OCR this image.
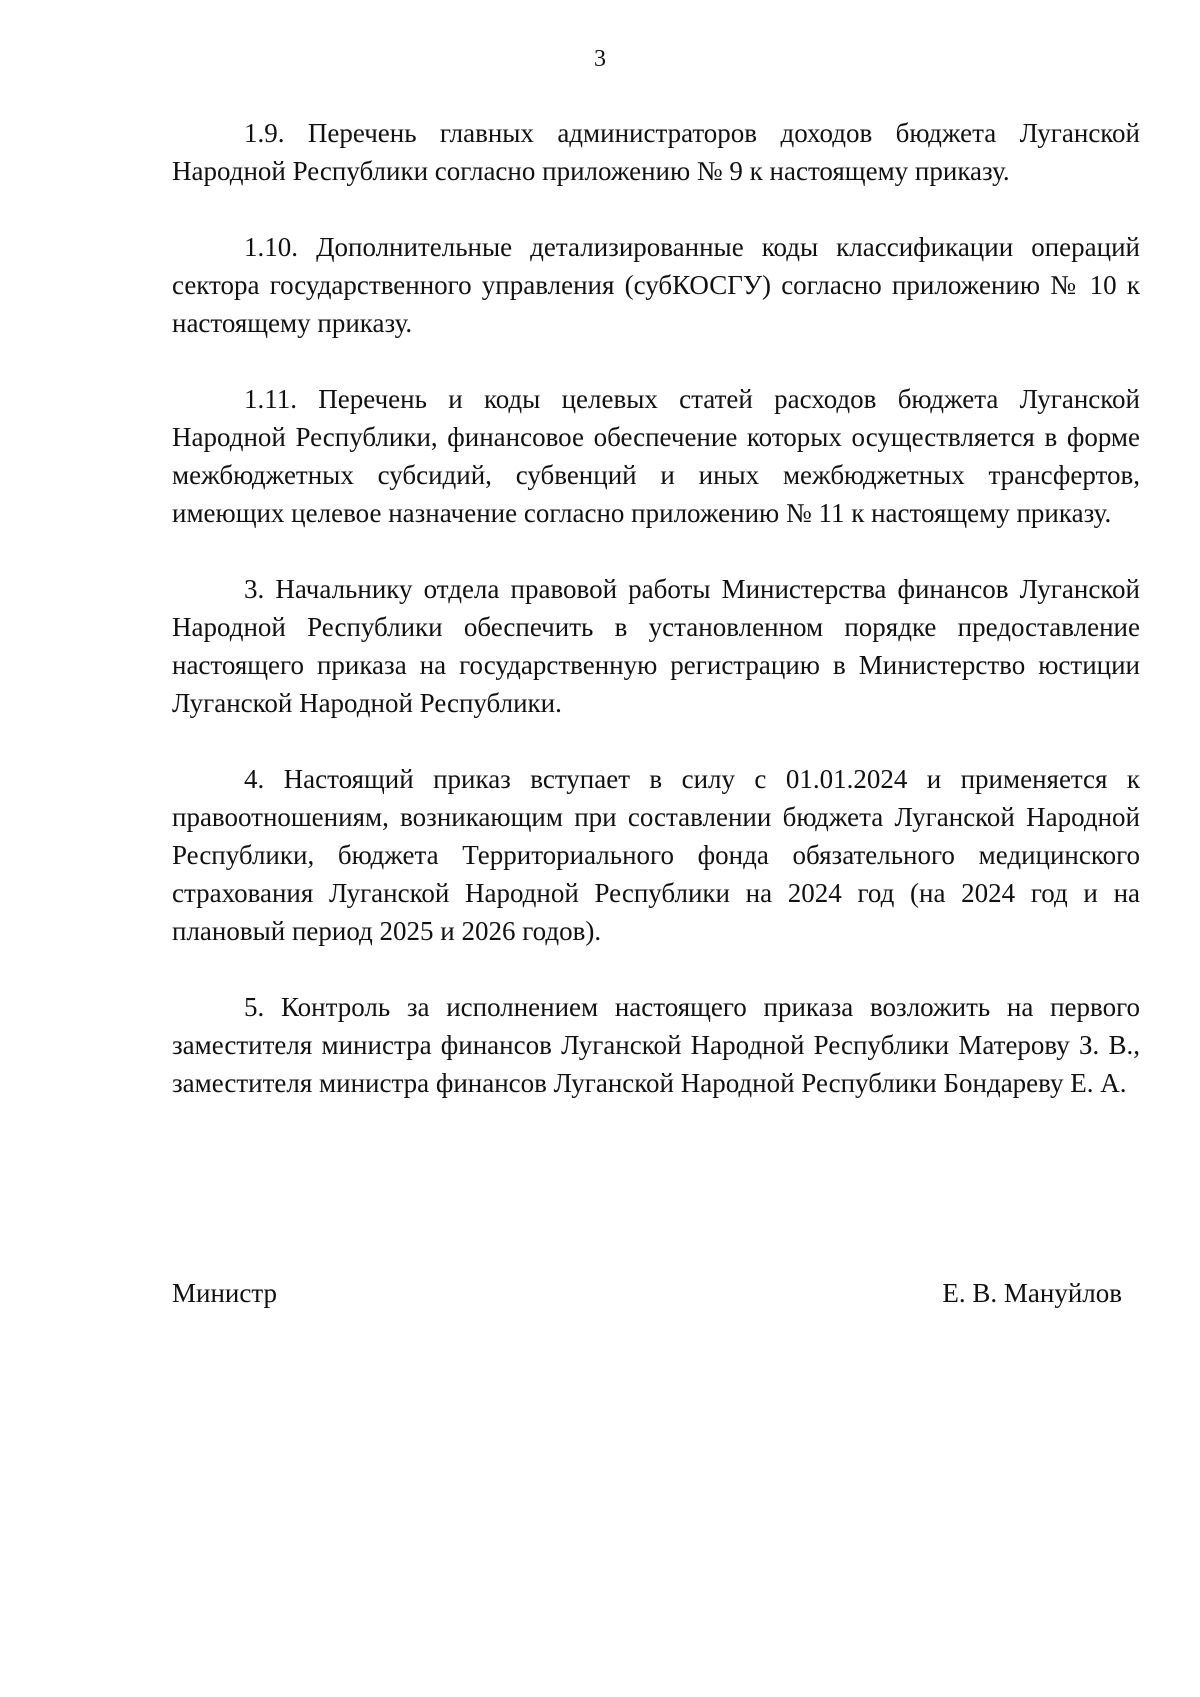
3

1.9. Перечень главных администраторов доходов бюджета Луганской Народной Республики согласно приложению № 9 к настоящему приказу.

1.10. Дополнительные детализированные коды классификации операций сектора государственного управления (субКОСГУ) согласно приложению № 10 к настоящему приказу.

1.11. Перечень и коды целевых статей расходов бюджета Луганской Народной Республики, финансовое обеспечение которых осуществляется в форме межбюджетных субсидий, субвенций и иных межбюджетных трансфертов, имеющих целевое назначение согласно приложению № 11 к настоящему приказу.

3. Начальнику отдела правовой работы Министерства финансов Луганской Народной Республики обеспечить в установленном порядке предоставление настоящего приказа на государственную регистрацию в Министерство юстиции Луганской Народной Республики.

4. Настоящий приказ вступает в силу с 01.01.2024 и применяется к правоотношениям, возникающим при составлении бюджета Луганской Народной Республики, бюджета Территориального фонда обязательного медицинского страхования Луганской Народной Республики на 2024 год (на 2024 год и на плановый период 2025 и 2026 годов).

5. Контроль за исполнением настоящего приказа возложить на первого заместителя министра финансов Луганской Народной Республики Матерову З. В., заместителя министра финансов Луганской Народной Республики Бондареву Е. А.

Министр	Е. В. Мануйлов
